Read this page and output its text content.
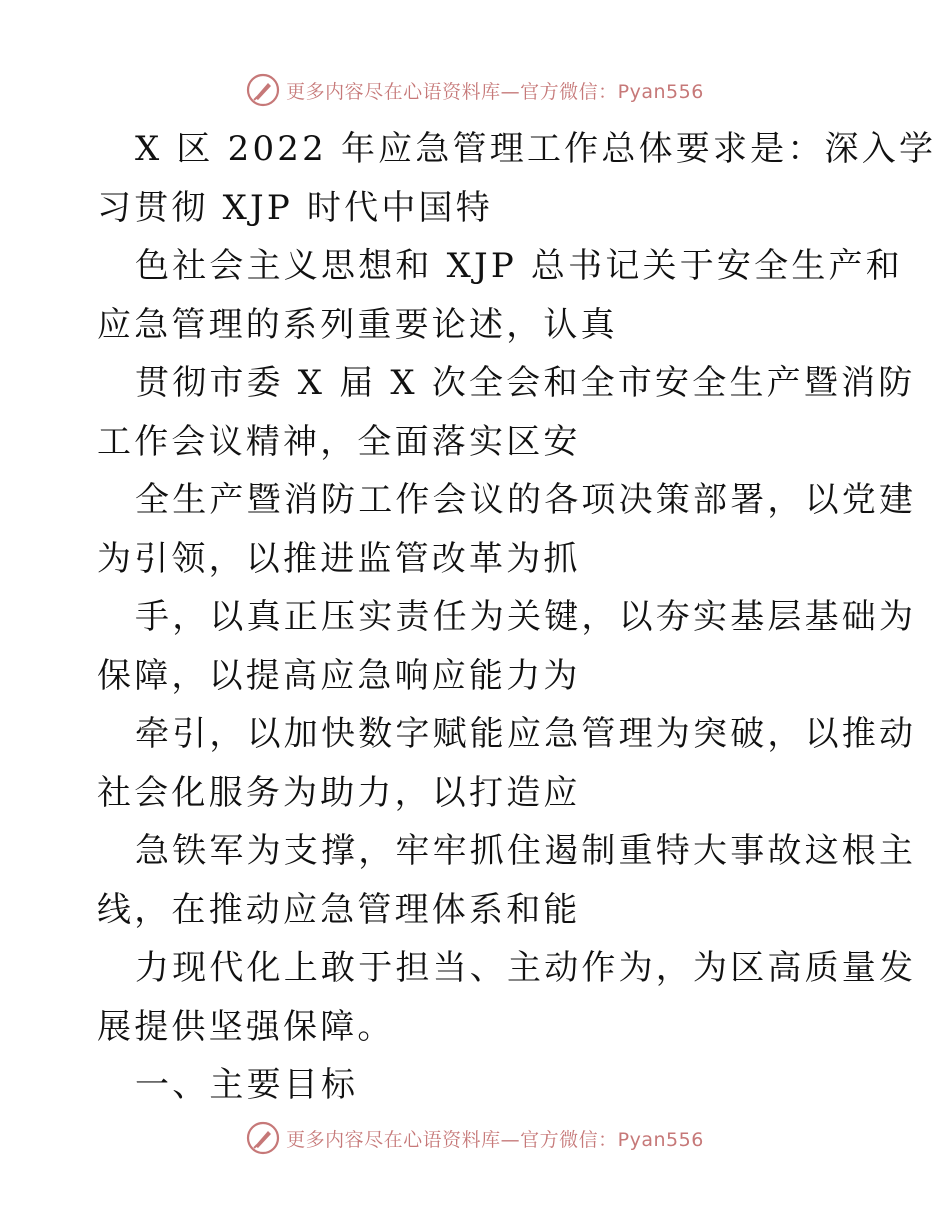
更多内容尽在心语资料库—官方微信：Pyan556
X 区 2022 年应急管理工作总体要求是：深入学
习贯彻 XJP 时代中国特
色社会主义思想和 XJP 总书记关于安全生产和
应急管理的系列重要论述，认真
贯彻市委 X 届 X 次全会和全市安全生产暨消防
工作会议精神，全面落实区安
全生产暨消防工作会议的各项决策部署，以党建
为引领，以推进监管改革为抓
手，以真正压实责任为关键，以夯实基层基础为
保障，以提高应急响应能力为
牵引，以加快数字赋能应急管理为突破，以推动
社会化服务为助力，以打造应
急铁军为支撑，牢牢抓住遏制重特大事故这根主
线，在推动应急管理体系和能
力现代化上敢于担当、主动作为，为区高质量发
展提供坚强保障。
一、主要目标
更多内容尽在心语资料库—官方微信：Pyan556
